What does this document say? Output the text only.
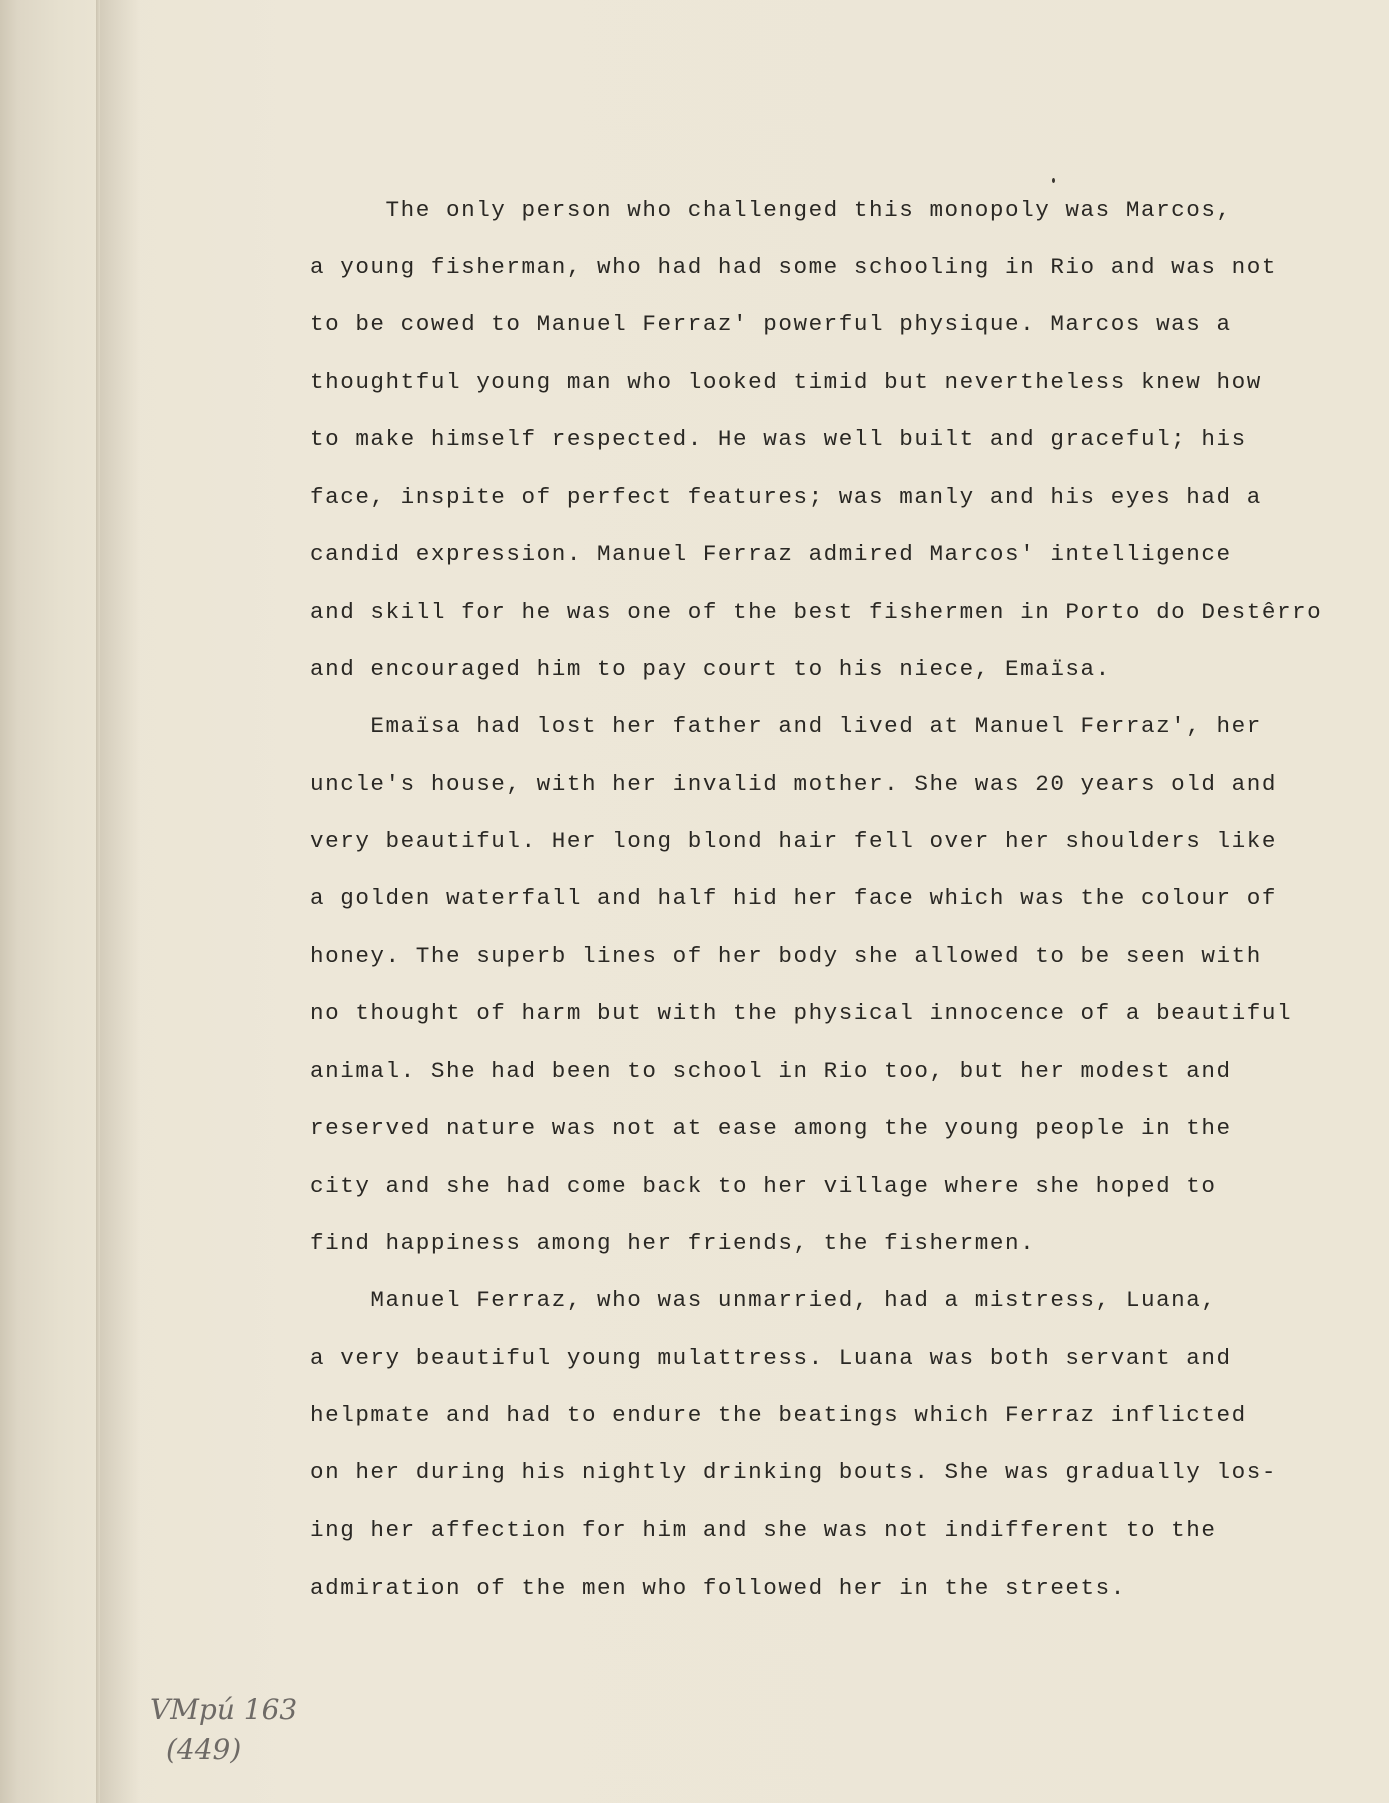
The only person who challenged this monopoly was Marcos,
a young fisherman, who had had some schooling in Rio and was not
to be cowed to Manuel Ferraz' powerful physique. Marcos was a
thoughtful young man who looked timid but nevertheless knew how
to make himself respected. He was well built and graceful; his
face, inspite of perfect features; was manly and his eyes had a
candid expression. Manuel Ferraz admired Marcos' intelligence
and skill for he was one of the best fishermen in Porto do Destêrro
and encouraged him to pay court to his niece, Emaïsa.
Emaïsa had lost her father and lived at Manuel Ferraz', her
uncle's house, with her invalid mother. She was 20 years old and
very beautiful. Her long blond hair fell over her shoulders like
a golden waterfall and half hid her face which was the colour of
honey. The superb lines of her body she allowed to be seen with
no thought of harm but with the physical innocence of a beautiful
animal. She had been to school in Rio too, but her modest and
reserved nature was not at ease among the young people in the
city and she had come back to her village where she hoped to
find happiness among her friends, the fishermen.
Manuel Ferraz, who was unmarried, had a mistress, Luana,
a very beautiful young mulattress. Luana was both servant and
helpmate and had to endure the beatings which Ferraz inflicted
on her during his nightly drinking bouts. She was gradually los-
ing her affection for him and she was not indifferent to the
admiration of the men who followed her in the streets.
VMpú 163
(449)
